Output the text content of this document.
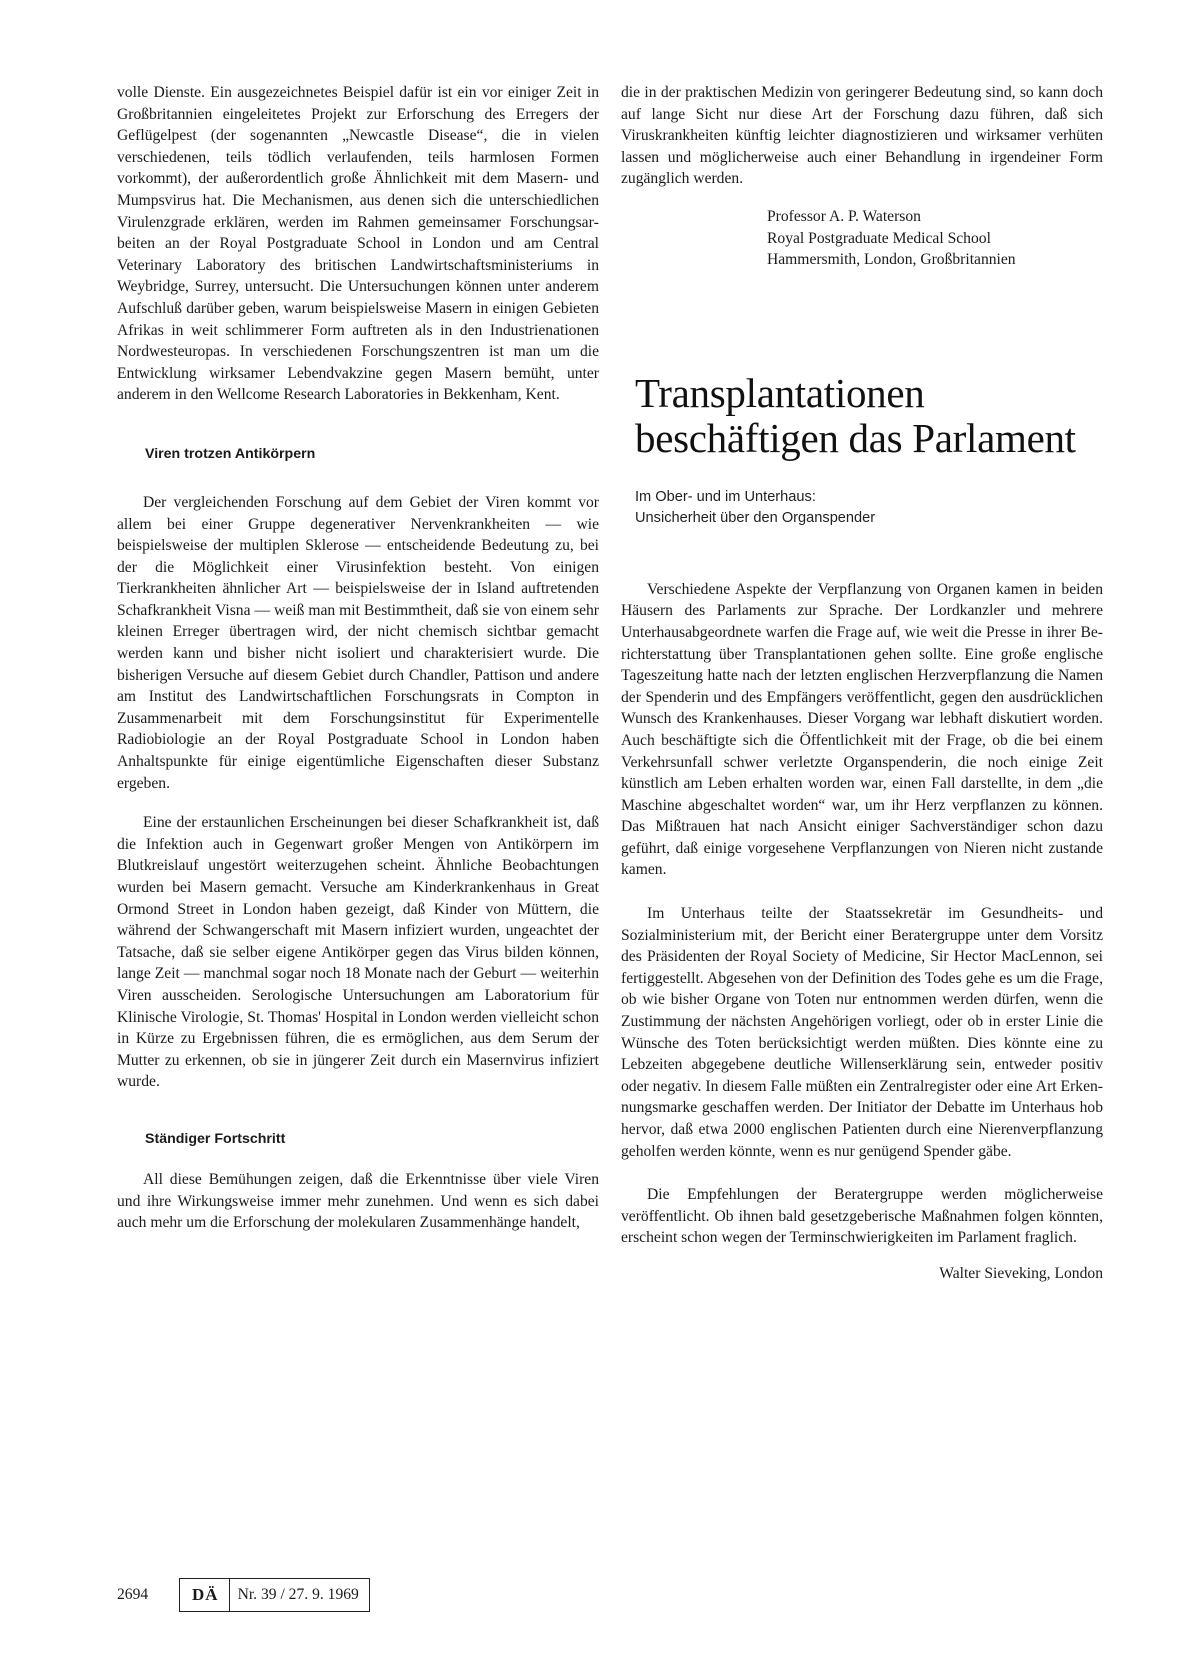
volle Dienste. Ein ausgezeichnetes Beispiel dafür ist ein vor einiger Zeit in Großbritannien eingeleitetes Projekt zur Erforschung des Erregers der Geflügelpest (der sogenannten „Newcastle Disease“, die in vielen verschiedenen, teils tödlich verlaufenden, teils harmlosen Formen vorkommt), der außerordentlich große Ähnlichkeit mit dem Masern- und Mumpsvirus hat. Die Mechanismen, aus denen sich die unterschiedlichen Virulenzgrade erklären, werden im Rahmen gemeinsamer Forschungsarbeiten an der Royal Postgraduate School in London und am Central Veterinary Laboratory des britischen Landwirtschaftsministeriums in Weybridge, Surrey, untersucht. Die Untersuchungen können unter anderem Aufschluß darüber geben, warum beispielsweise Masern in einigen Gebieten Afrikas in weit schlimmerer Form auftreten als in den Industrienationen Nordwesteuropas. In verschiedenen Forschungszentren ist man um die Entwicklung wirksamer Lebendvakzine gegen Masern bemüht, unter anderem in den Wellcome Research Laboratories in Bekkenham, Kent.

Viren trotzen Antikörpern

Der vergleichenden Forschung auf dem Gebiet der Viren kommt vor allem bei einer Gruppe degenerativer Nervenkrankheiten — wie beispielsweise der multiplen Sklerose — entscheidende Bedeutung zu, bei der die Möglichkeit einer Virusinfektion besteht. Von einigen Tierkrankheiten ähnlicher Art — beispielsweise der in Island auftretenden Schafkrankheit Visna — weiß man mit Bestimmtheit, daß sie von einem sehr kleinen Erreger übertragen wird, der nicht chemisch sichtbar gemacht werden kann und bisher nicht isoliert und charakterisiert wurde. Die bisherigen Versuche auf diesem Gebiet durch Chandler, Pattison und andere am Institut des Landwirtschaftlichen Forschungsrats in Compton in Zusammenarbeit mit dem Forschungsinstitut für Experimentelle Radiobiologie an der Royal Postgraduate School in London haben Anhaltspunkte für einige eigentümliche Eigenschaften dieser Substanz ergeben.

Eine der erstaunlichen Erscheinungen bei dieser Schafkrankheit ist, daß die Infektion auch in Gegenwart großer Mengen von Antikörpern im Blutkreislauf ungestört weiterzugehen scheint. Ähnliche Beobachtungen wurden bei Masern gemacht. Versuche am Kinderkrankenhaus in Great Ormond Street in London haben gezeigt, daß Kinder von Müttern, die während der Schwangerschaft mit Masern infiziert wurden, ungeachtet der Tatsache, daß sie selber eigene Antikörper gegen das Virus bilden können, lange Zeit — manchmal sogar noch 18 Monate nach der Geburt — weiterhin Viren ausscheiden. Serologische Untersuchungen am Laboratorium für Klinische Virologie, St. Thomas' Hospital in London werden vielleicht schon in Kürze zu Ergebnissen führen, die es ermöglichen, aus dem Serum der Mutter zu erkennen, ob sie in jüngerer Zeit durch ein Masernvirus infiziert wurde.

Ständiger Fortschritt

All diese Bemühungen zeigen, daß die Erkenntnisse über viele Viren und ihre Wirkungsweise immer mehr zunehmen. Und wenn es sich dabei auch mehr um die Erforschung der molekularen Zusammenhänge handelt,

die in der praktischen Medizin von geringerer Bedeutung sind, so kann doch auf lange Sicht nur diese Art der Forschung dazu führen, daß sich Viruskrankheiten künftig leichter diagnostizieren und wirksamer verhüten lassen und möglicherweise auch einer Behandlung in irgendeiner Form zugänglich werden.

Professor A. P. Waterson

Royal Postgraduate Medical School

Hammersmith, London, Großbritannien

Transplantationen
beschäftigen das Parlament

Im Ober- und im Unterhaus:

Unsicherheit über den Organspender

Verschiedene Aspekte der Verpflanzung von Organen kamen in beiden Häusern des Parlaments zur Sprache. Der Lordkanzler und mehrere Unterhausabgeordnete warfen die Frage auf, wie weit die Presse in ihrer Berichterstattung über Transplantationen gehen sollte. Eine große englische Tageszeitung hatte nach der letzten englischen Herzverpflanzung die Namen der Spenderin und des Empfängers veröffentlicht, gegen den ausdrücklichen Wunsch des Krankenhauses. Dieser Vorgang war lebhaft diskutiert worden. Auch beschäftigte sich die Öffentlichkeit mit der Frage, ob die bei einem Verkehrsunfall schwer verletzte Organspenderin, die noch einige Zeit künstlich am Leben erhalten worden war, einen Fall darstellte, in dem „die Maschine abgeschaltet worden“ war, um ihr Herz verpflanzen zu können. Das Mißtrauen hat nach Ansicht einiger Sachverständiger schon dazu geführt, daß einige vorgesehene Verpflanzungen von Nieren nicht zustande kamen.

Im Unterhaus teilte der Staatssekretär im Gesundheits- und Sozialministerium mit, der Bericht einer Beratergruppe unter dem Vorsitz des Präsidenten der Royal Society of Medicine, Sir Hector MacLennon, sei fertiggestellt. Abgesehen von der Definition des Todes gehe es um die Frage, ob wie bisher Organe von Toten nur entnommen werden dürfen, wenn die Zustimmung der nächsten Angehörigen vorliegt, oder ob in erster Linie die Wünsche des Toten berücksichtigt werden müßten. Dies könnte eine zu Lebzeiten abgegebene deutliche Willenserklärung sein, entweder positiv oder negativ. In diesem Falle müßten ein Zentralregister oder eine Art Erkennungsmarke geschaffen werden. Der Initiator der Debatte im Unterhaus hob hervor, daß etwa 2000 englischen Patienten durch eine Nierenverpflanzung geholfen werden könnte, wenn es nur genügend Spender gäbe.

Die Empfehlungen der Beratergruppe werden möglicherweise veröffentlicht. Ob ihnen bald gesetzgeberische Maßnahmen folgen könnten, erscheint schon wegen der Terminschwierigkeiten im Parlament fraglich.

Walter Sieveking, London

2694	DÄ	Nr. 39 / 27. 9. 1969
